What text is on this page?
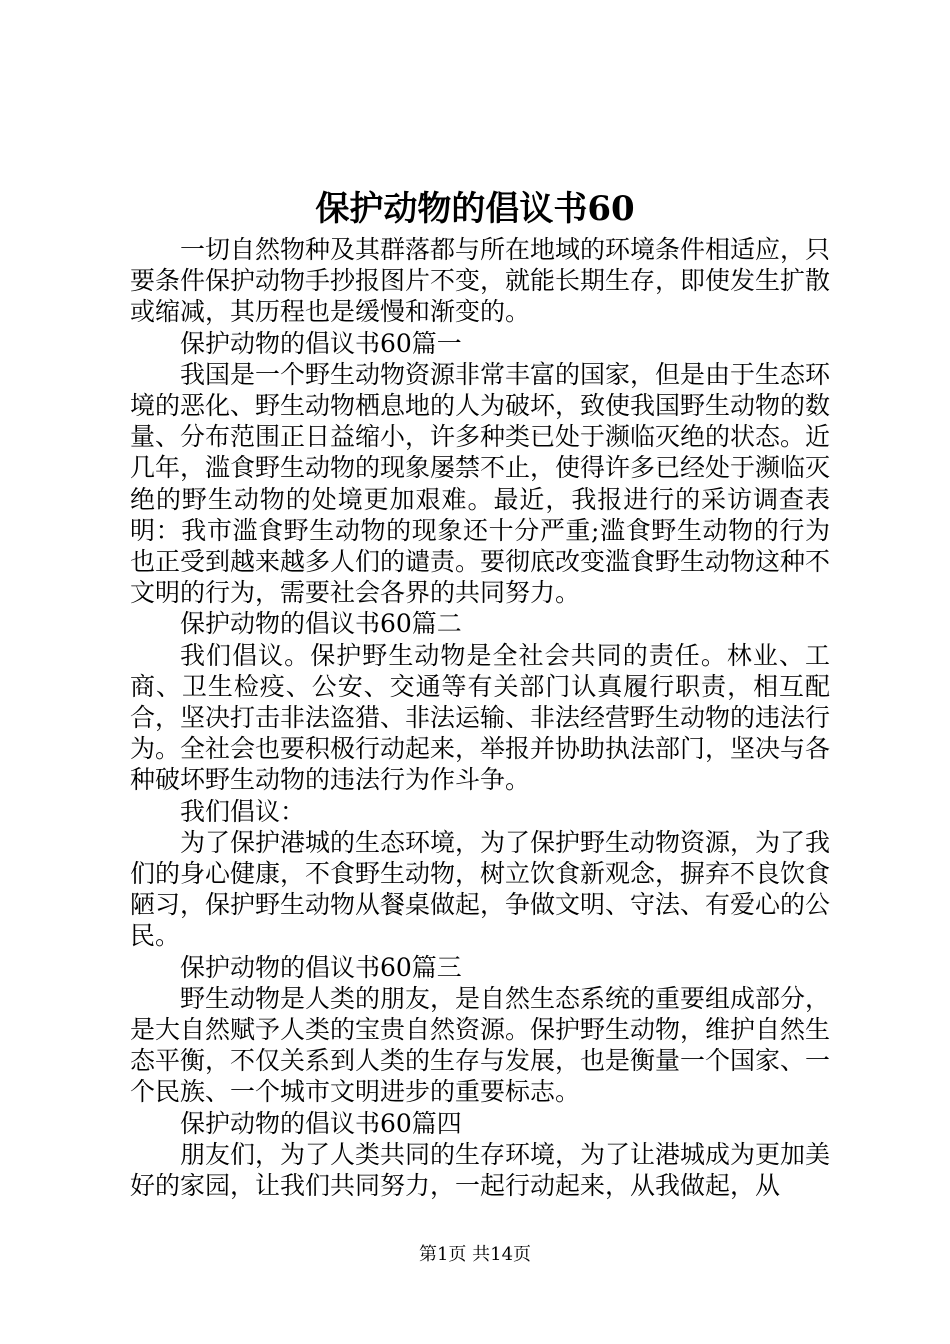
保护动物的倡议书60

一切自然物种及其群落都与所在地域的环境条件相适应，只要条件保护动物手抄报图片不变，就能长期生存，即使发生扩散或缩减，其历程也是缓慢和渐变的。

保护动物的倡议书60篇一

我国是一个野生动物资源非常丰富的国家，但是由于生态环境的恶化、野生动物栖息地的人为破坏，致使我国野生动物的数量、分布范围正日益缩小，许多种类已处于濒临灭绝的状态。近几年，滥食野生动物的现象屡禁不止，使得许多已经处于濒临灭绝的野生动物的处境更加艰难。最近，我报进行的采访调查表明：我市滥食野生动物的现象还十分严重;滥食野生动物的行为也正受到越来越多人们的谴责。要彻底改变滥食野生动物这种不文明的行为，需要社会各界的共同努力。

保护动物的倡议书60篇二

我们倡议。保护野生动物是全社会共同的责任。林业、工商、卫生检疫、公安、交通等有关部门认真履行职责，相互配合，坚决打击非法盗猎、非法运输、非法经营野生动物的违法行为。全社会也要积极行动起来，举报并协助执法部门，坚决与各种破坏野生动物的违法行为作斗争。

我们倡议：

为了保护港城的生态环境，为了保护野生动物资源，为了我们的身心健康，不食野生动物，树立饮食新观念，摒弃不良饮食陋习，保护野生动物从餐桌做起，争做文明、守法、有爱心的公民。

保护动物的倡议书60篇三

野生动物是人类的朋友，是自然生态系统的重要组成部分，是大自然赋予人类的宝贵自然资源。保护野生动物，维护自然生态平衡，不仅关系到人类的生存与发展，也是衡量一个国家、一个民族、一个城市文明进步的重要标志。

保护动物的倡议书60篇四

朋友们，为了人类共同的生存环境，为了让港城成为更加美好的家园，让我们共同努力，一起行动起来，从我做起，从

第1页 共14页
